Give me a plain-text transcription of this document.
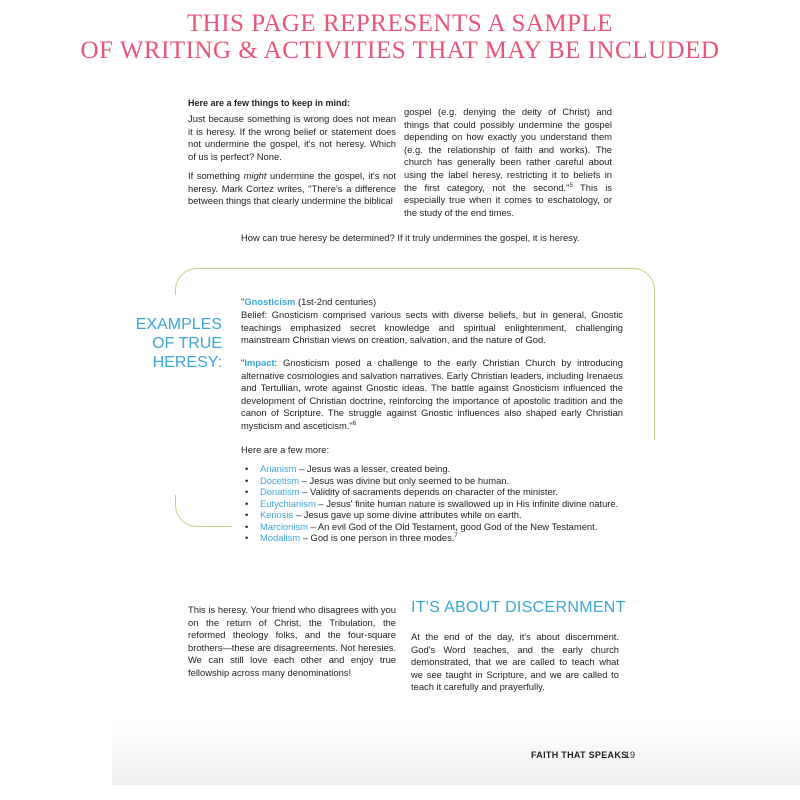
THIS PAGE REPRESENTS A SAMPLE
OF WRITING & ACTIVITIES THAT MAY BE INCLUDED
Here are a few things to keep in mind:
Just because something is wrong does not mean it is heresy. If the wrong belief or statement does not undermine the gospel, it's not heresy. Which of us is perfect? None.
If something might undermine the gospel, it's not heresy. Mark Cortez writes, "There's a difference between things that clearly undermine the biblical
gospel (e.g. denying the deity of Christ) and things that could possibly undermine the gospel depending on how exactly you understand them (e.g. the relationship of faith and works). The church has generally been rather careful about using the label heresy, restricting it to beliefs in the first category, not the second."$^5$ This is especially true when it comes to eschatology, or the study of the end times.
How can true heresy be determined? If it truly undermines the gospel, it is heresy.
EXAMPLES
OF TRUE
HERESY:
"Gnosticism (1st-2nd centuries)
Belief: Gnosticism comprised various sects with diverse beliefs, but in general, Gnostic teachings emphasized secret knowledge and spiritual enlightenment, challenging mainstream Christian views on creation, salvation, and the nature of God.
"Impact: Gnosticism posed a challenge to the early Christian Church by introducing alternative cosmologies and salvation narratives. Early Christian leaders, including Irenaeus and Tertullian, wrote against Gnostic ideas. The battle against Gnosticism influenced the development of Christian doctrine, reinforcing the importance of apostolic tradition and the canon of Scripture. The struggle against Gnostic influences also shaped early Christian mysticism and asceticism."$^6$
Here are a few more:
• Arianism – Jesus was a lesser, created being.
• Docetism – Jesus was divine but only seemed to be human.
• Donatism – Validity of sacraments depends on character of the minister.
• Eutychianism – Jesus' finite human nature is swallowed up in His infinite divine nature.
• Kenosis – Jesus gave up some divine attributes while on earth.
• Marcionism – An evil God of the Old Testament, good God of the New Testament.
• Modalism – God is one person in three modes.$^7$
This is heresy. Your friend who disagrees with you on the return of Christ, the Tribulation, the reformed theology folks, and the four-square brothers—these are disagreements. Not heresies. We can still love each other and enjoy true fellowship across many denominations!
IT'S ABOUT DISCERNMENT
At the end of the day, it's about discernment. God's Word teaches, and the early church demonstrated, that we are called to teach what we see taught in Scripture, and we are called to teach it carefully and prayerfully.
FAITH THAT SPEAKS
19
